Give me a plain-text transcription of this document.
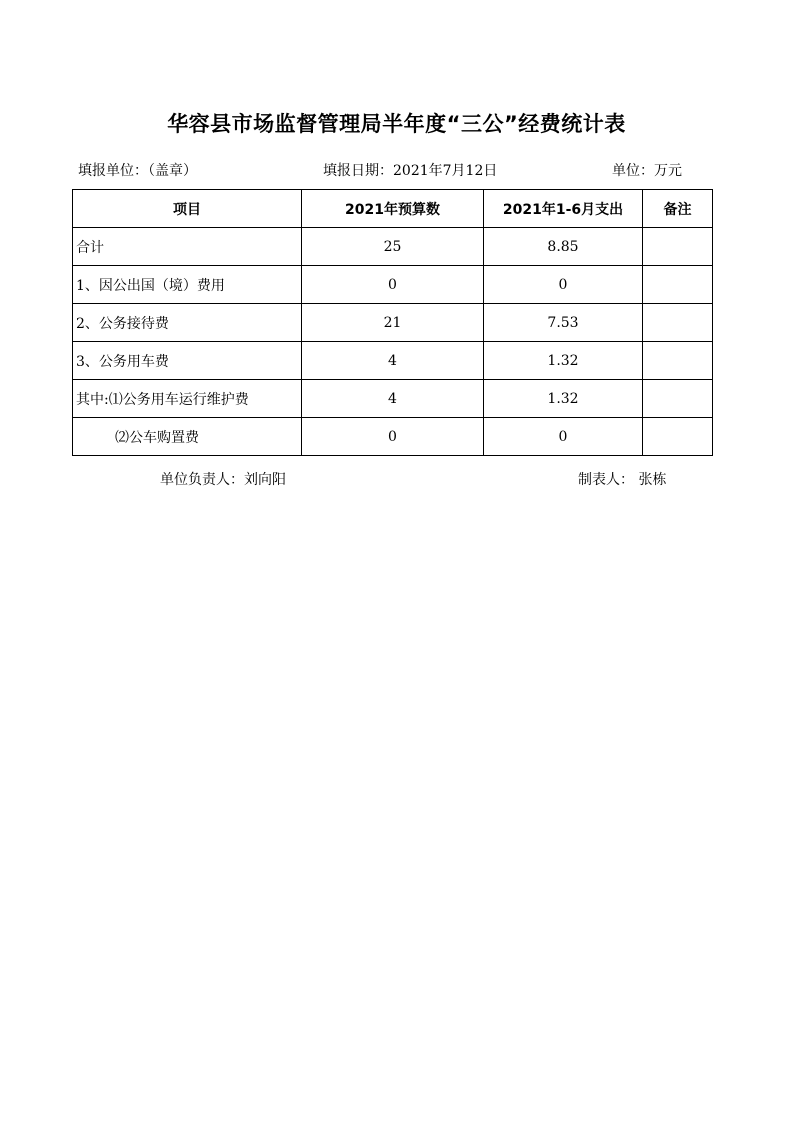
华容县市场监督管理局半年度“三公”经费统计表
填报单位：（盖章）	填报日期：2021年7月12日	单位：万元
项目	2021年预算数	2021年1-6月支出	备注
合计	25	8.85	
1、因公出国（境）费用	0	0	
2、公务接待费	21	7.53	
3、公务用车费	4	1.32	
其中:⑴公务用车运行维护费	4	1.32	
⑵公车购置费	0	0	
单位负责人：刘向阳	制表人： 张栋
